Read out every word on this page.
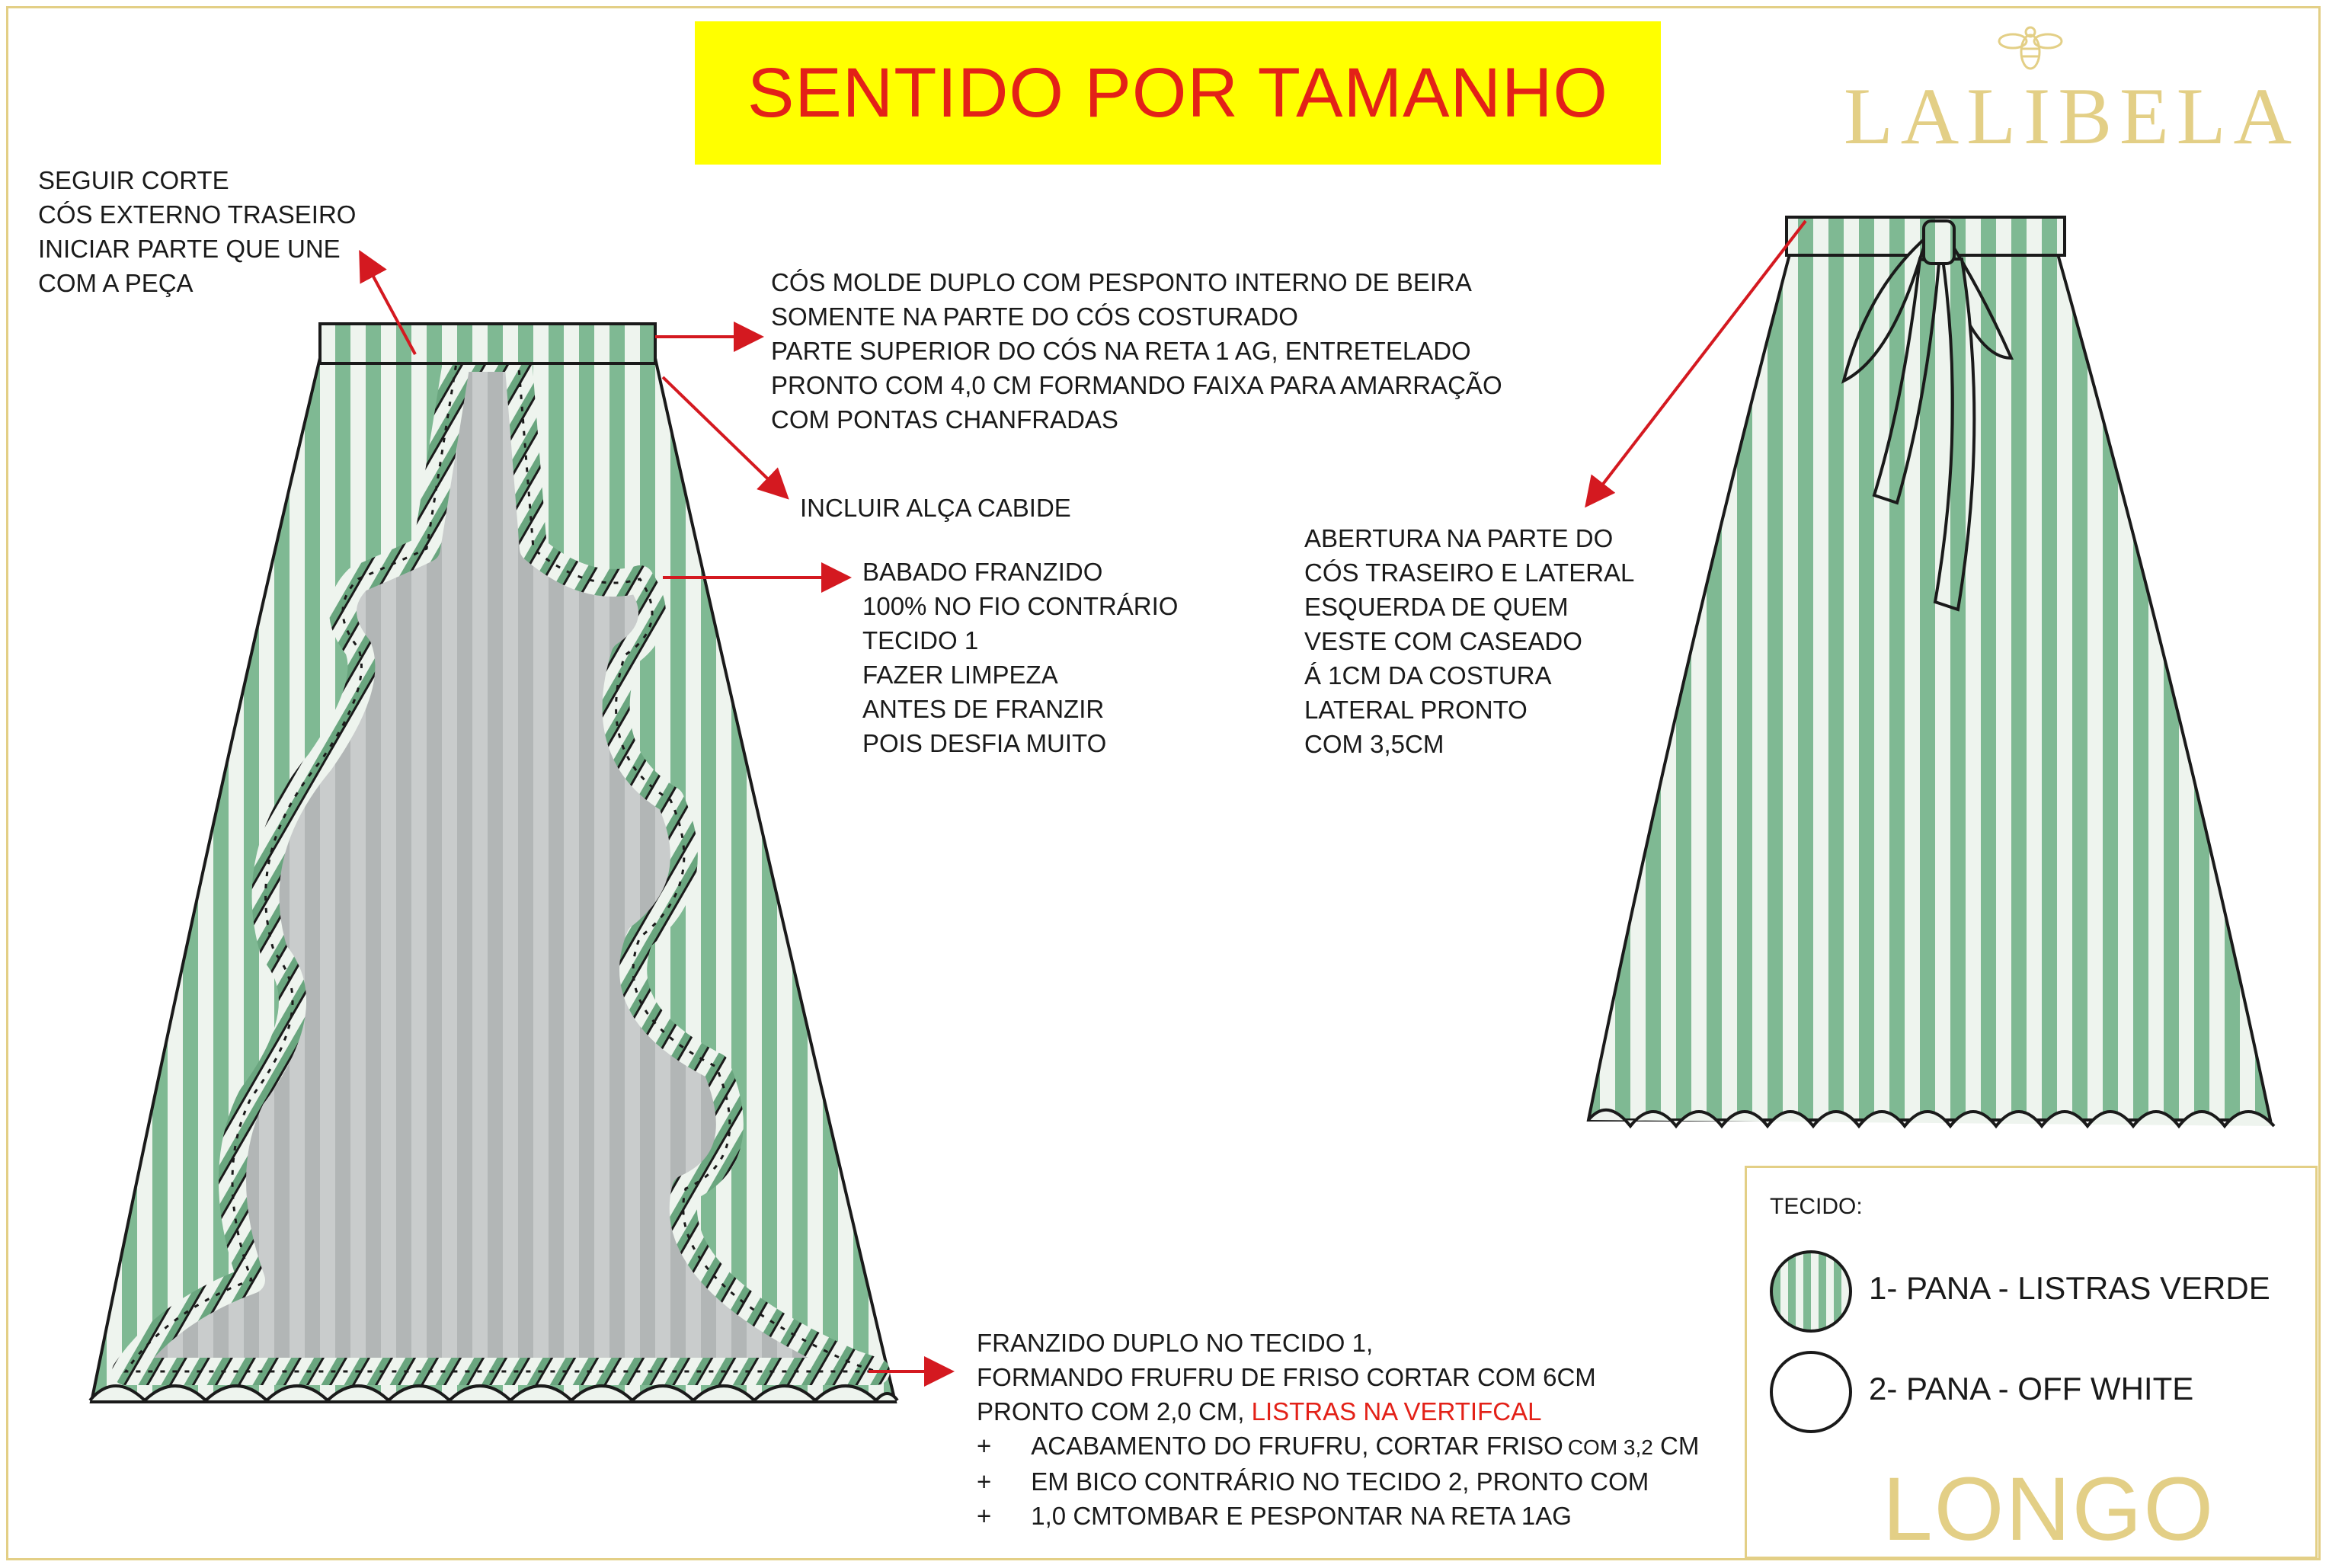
SENTIDO POR TAMANHO	LALIBELA
SEGUIR CORTE
CÓS EXTERNO TRASEIRO
INICIAR PARTE QUE UNE
COM A PEÇA	CÓS MOLDE DUPLO COM PESPONTO INTERNO DE BEIRA
SOMENTE NA PARTE DO CÓS COSTURADO
PARTE SUPERIOR DO CÓS NA RETA 1 AG, ENTRETELADO
PRONTO COM 4,0 CM FORMANDO FAIXA PARA AMARRAÇÃO
COM PONTAS CHANFRADAS
INCLUIR ALÇA CABIDE
BABADO FRANZIDO
100% NO FIO CONTRÁRIO
TECIDO 1
FAZER LIMPEZA
ANTES DE FRANZIR
POIS DESFIA MUITO
ABERTURA NA PARTE DO
CÓS TRASEIRO E LATERAL
ESQUERDA DE QUEM
VESTE COM CASEADO
Á 1CM DA COSTURA
LATERAL PRONTO
COM 3,5CM
FRANZIDO DUPLO NO TECIDO 1,
FORMANDO FRUFRU DE FRISO CORTAR COM 6CM
PRONTO COM 2,0 CM, LISTRAS NA VERTIFCAL
+ ACABAMENTO DO FRUFRU, CORTAR FRISO COM 3,2 CM
+ EM BICO CONTRÁRIO NO TECIDO 2, PRONTO COM
+ 1,0 CMTOMBAR E PESPONTAR NA RETA 1AG
TECIDO:
1- PANA - LISTRAS VERDE
2- PANA - OFF WHITE
LONGO
